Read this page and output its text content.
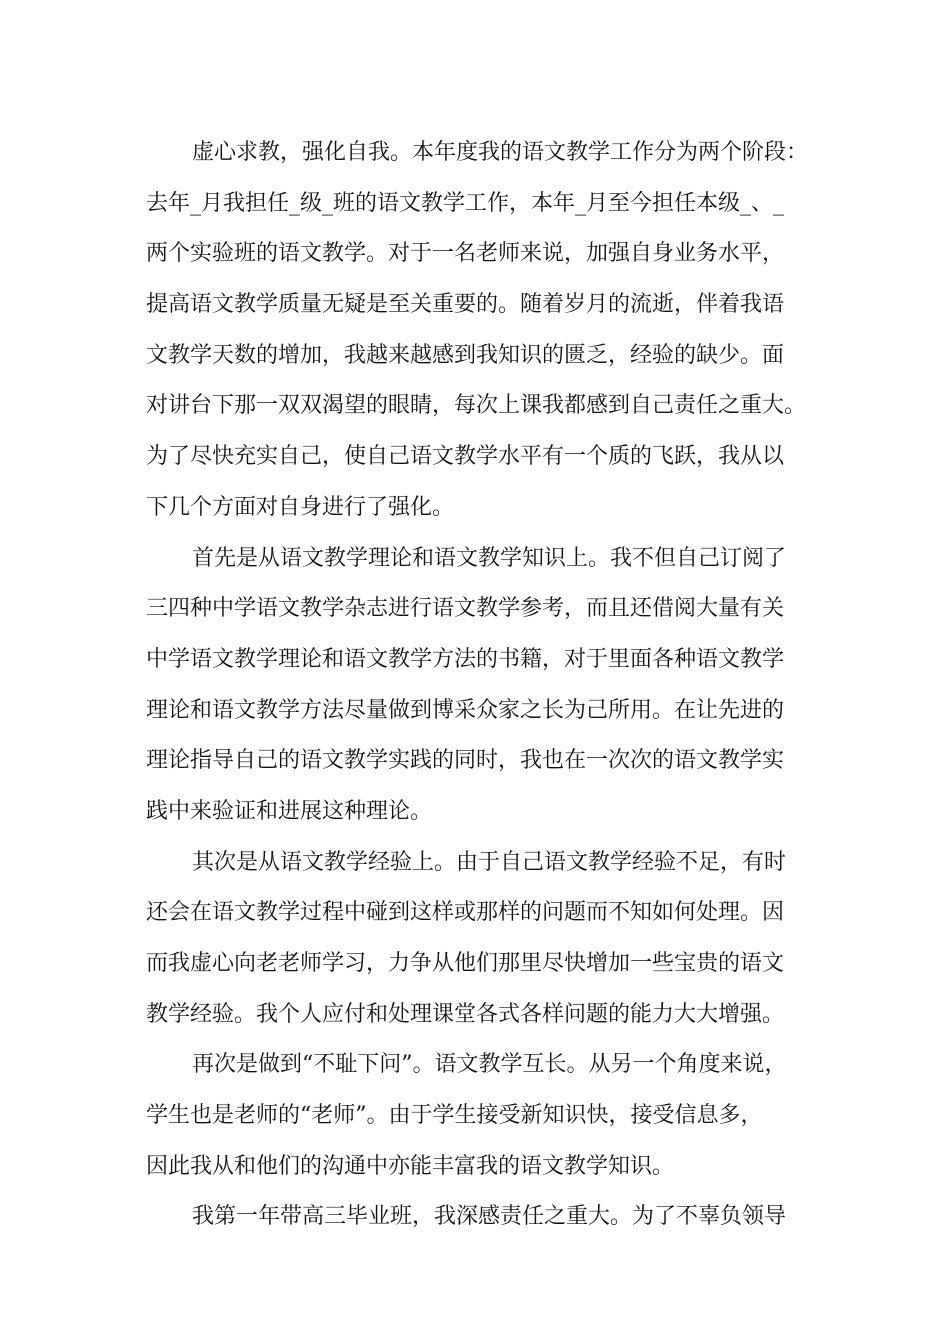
虚心求教，强化自我。本年度我的语文教学工作分为两个阶段：
去年_月我担任_级_班的语文教学工作，本年_月至今担任本级_、_
两个实验班的语文教学。对于一名老师来说，加强自身业务水平，
提高语文教学质量无疑是至关重要的。随着岁月的流逝，伴着我语
文教学天数的增加，我越来越感到我知识的匮乏，经验的缺少。面
对讲台下那一双双渴望的眼睛，每次上课我都感到自己责任之重大。
为了尽快充实自己，使自己语文教学水平有一个质的飞跃，我从以
下几个方面对自身进行了强化。
首先是从语文教学理论和语文教学知识上。我不但自己订阅了
三四种中学语文教学杂志进行语文教学参考，而且还借阅大量有关
中学语文教学理论和语文教学方法的书籍，对于里面各种语文教学
理论和语文教学方法尽量做到博采众家之长为己所用。在让先进的
理论指导自己的语文教学实践的同时，我也在一次次的语文教学实
践中来验证和进展这种理论。
其次是从语文教学经验上。由于自己语文教学经验不足，有时
还会在语文教学过程中碰到这样或那样的问题而不知如何处理。因
而我虚心向老老师学习，力争从他们那里尽快增加一些宝贵的语文
教学经验。我个人应付和处理课堂各式各样问题的能力大大增强。
再次是做到“不耻下问”。语文教学互长。从另一个角度来说，
学生也是老师的“老师”。由于学生接受新知识快，接受信息多，
因此我从和他们的沟通中亦能丰富我的语文教学知识。
我第一年带高三毕业班，我深感责任之重大。为了不辜负领导
